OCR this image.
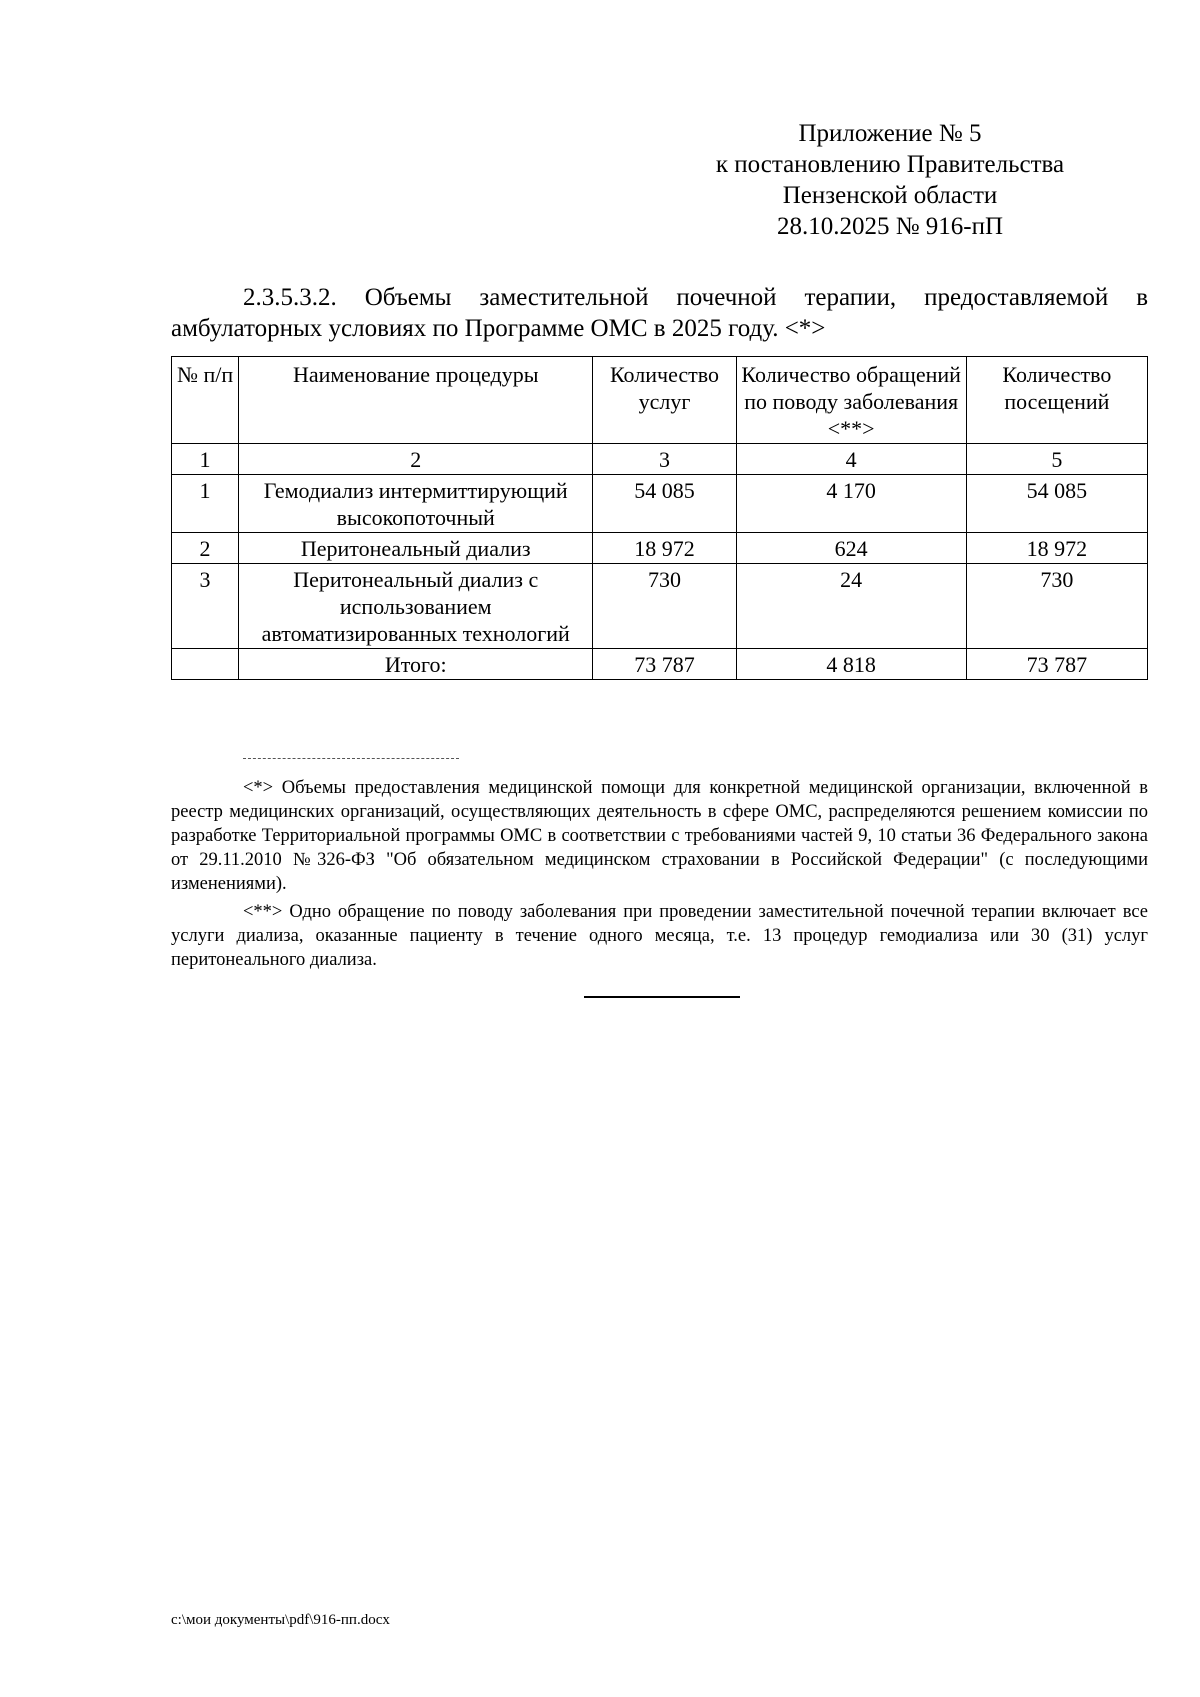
Приложение № 5
к постановлению Правительства
Пензенской области
28.10.2025 № 916-пП
2.3.5.3.2. Объемы заместительной почечной терапии, предоставляемой в амбулаторных условиях по Программе ОМС в 2025 году. <*>
№ п/п	Наименование процедуры	Количество услуг	Количество обращений по поводу заболевания <**>	Количество посещений
1	2	3	4	5
1	Гемодиализ интермиттирующий высокопоточный	54 085	4 170	54 085
2	Перитонеальный диализ	18 972	624	18 972
3	Перитонеальный диализ с использованием автоматизированных технологий	730	24	730
	Итого:	73 787	4 818	73 787

<*> Объемы предоставления медицинской помощи для конкретной медицинской организации, включенной в реестр медицинских организаций, осуществляющих деятельность в сфере ОМС, распределяются решением комиссии по разработке Территориальной программы ОМС в соответствии с требованиями частей 9, 10 статьи 36 Федерального закона от 29.11.2010 №326-ФЗ "Об обязательном медицинском страховании в Российской Федерации" (с последующими изменениями).

<**> Одно обращение по поводу заболевания при проведении заместительной почечной терапии включает все услуги диализа, оказанные пациенту в течение одного месяца, т.е. 13 процедур гемодиализа или 30 (31) услуг перитонеального диализа.

c:\мои документы\pdf\916-пп.docx
